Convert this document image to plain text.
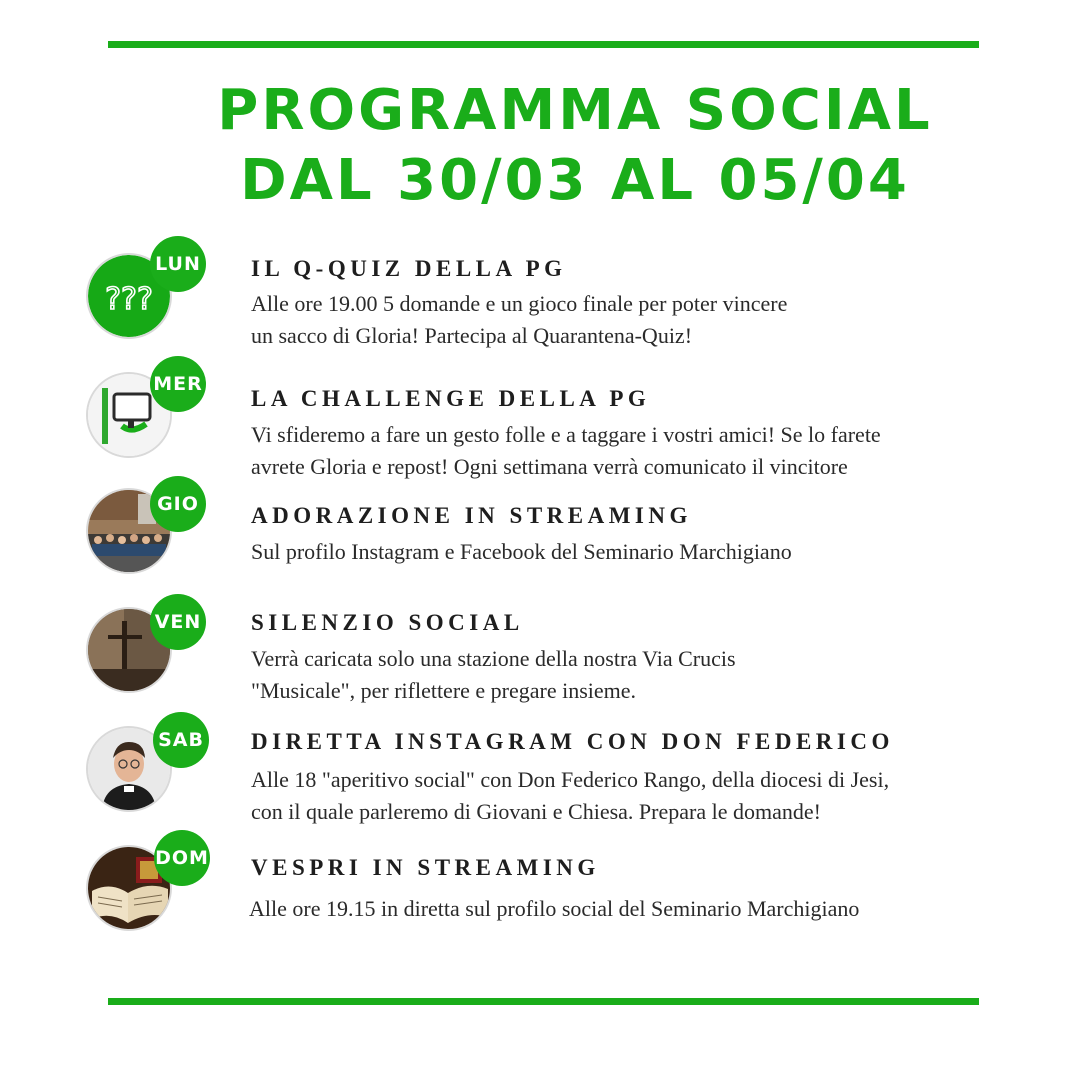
PROGRAMMA SOCIAL
DAL 30/03 AL 05/04
???
LUN IL Q-QUIZ DELLA PG
Alle ore 19.00 5 domande e un gioco finale per poter vincere
un sacco di Gloria! Partecipa al Quarantena-Quiz!
MER
LA CHALLENGE DELLA PG
Vi sfideremo a fare un gesto folle e a taggare i vostri amici! Se lo farete
avrete Gloria e repost! Ogni settimana verrà comunicato il vincitore
GIO	ADORAZIONE IN STREAMING
Sul profilo Instagram e Facebook del Seminario Marchigiano
VEN SILENZIO SOCIAL
Verrà caricata solo una stazione della nostra Via Crucis
"Musicale", per riflettere e pregare insieme.
SAB DIRETTA INSTAGRAM CON DON FEDERICO
Alle 18 "aperitivo social" con Don Federico Rango, della diocesi di Jesi,
con il quale parleremo di Giovani e Chiesa. Prepara le domande!
DOM VESPRI IN STREAMING
Alle ore 19.15 in diretta sul profilo social del Seminario Marchigiano
